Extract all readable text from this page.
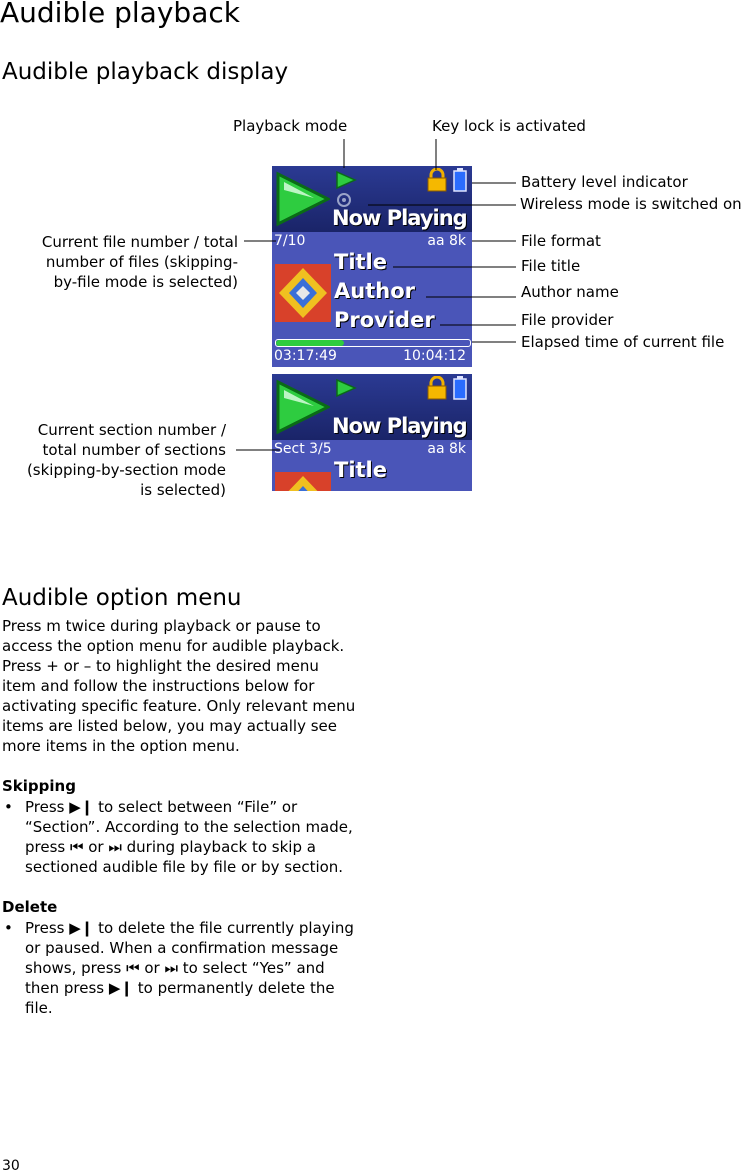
Audible playback
Audible playback display
Playback mode	Key lock is activated
Battery level indicator
Wireless mode is switched on
File format
File title
Author name
File provider
Elapsed time of current file
Current file number / total
number of files (skipping-
by-file mode is selected)
Current section number /
total number of sections
(skipping-by-section mode
is selected)
Now Playing
7/10	aa 8k
Title
Author
Provider
03:17:49	10:04:12
Now Playing
Sect 3/5	aa 8k
Title
Audible option menu
Press m twice during playback or pause to
access the option menu for audible playback.
Press + or – to highlight the desired menu
item and follow the instructions below for
activating specific feature. Only relevant menu
items are listed below, you may actually see
more items in the option menu.
Skipping
• Press ▶❙ to select between “File” or
“Section”. According to the selection made,
press ⏮ or ⏭ during playback to skip a
sectioned audible file by file or by section.
Delete
• Press ▶❙ to delete the file currently playing
or paused. When a confirmation message
shows, press ⏮ or ⏭ to select “Yes” and
then press ▶❙ to permanently delete the
file.
30
